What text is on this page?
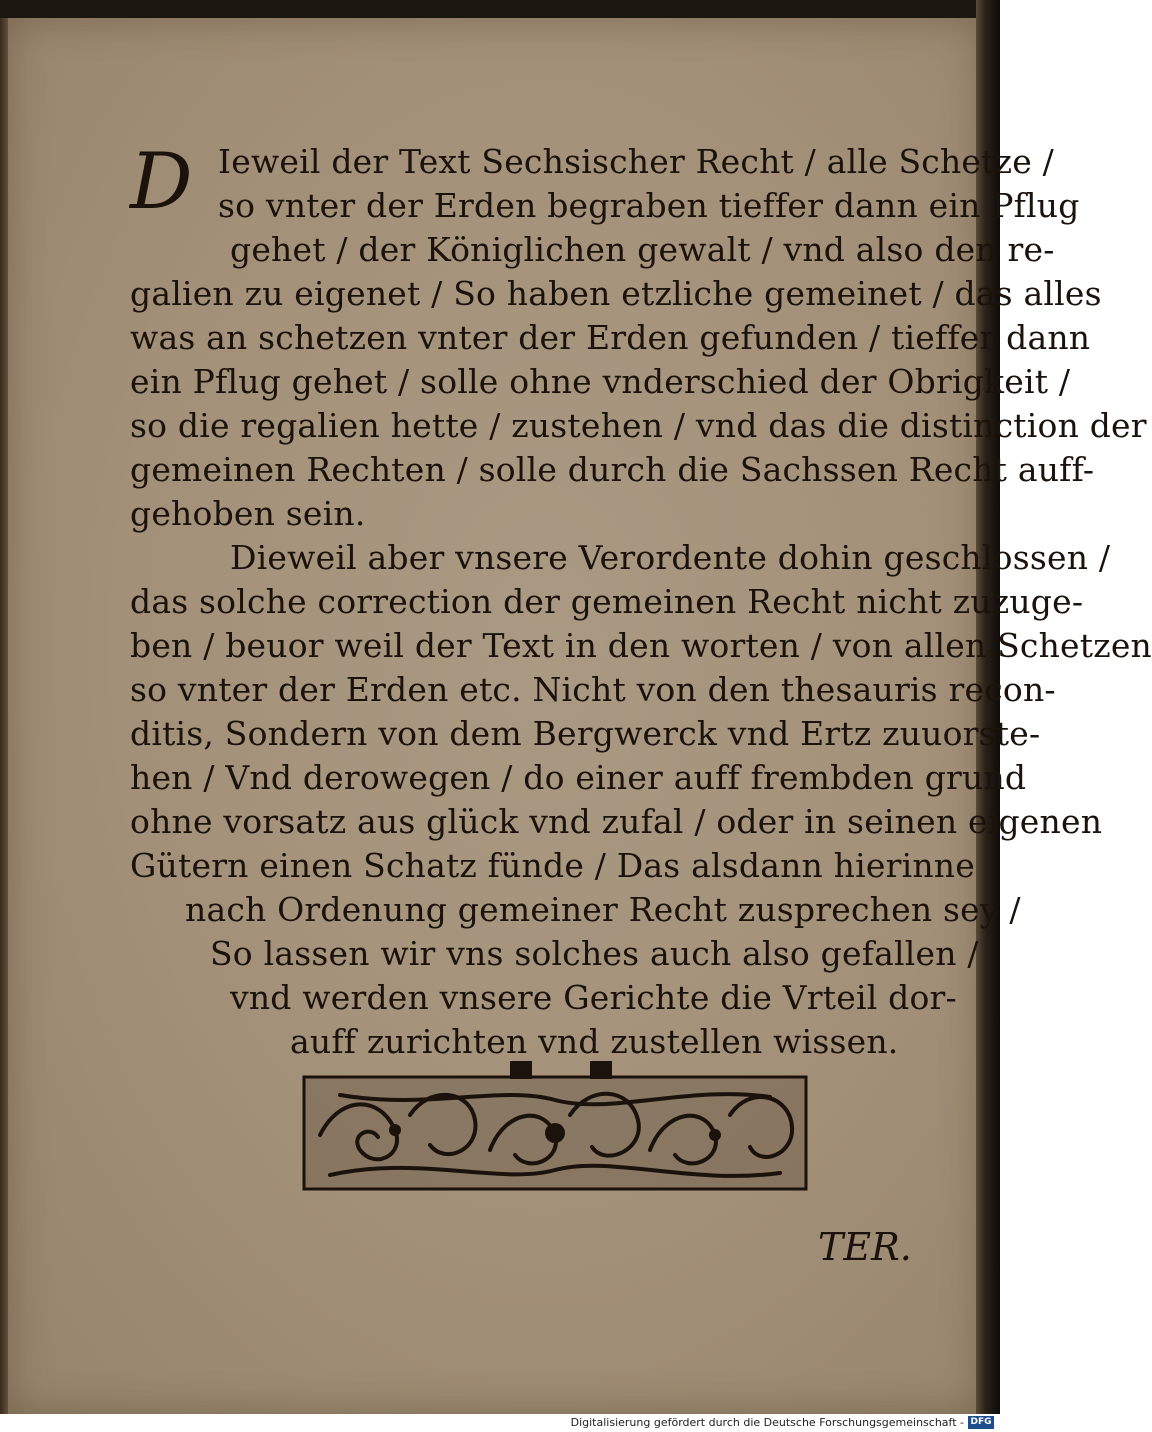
D Ieweil der Text Sechsischer Recht / alle Schetze /
so vnter der Erden begraben tieffer dann ein Pflug
gehet / der Königlichen gewalt / vnd also den re-
galien zu eigenet / So haben etzliche gemeinet / das alles
was an schetzen vnter der Erden gefunden / tieffer dann
ein Pflug gehet / solle ohne vnderschied der Obrigkeit /
so die regalien hette / zustehen / vnd das die distinction der
gemeinen Rechten / solle durch die Sachssen Recht auff-
gehoben sein.
Dieweil aber vnsere Verordente dohin geschlossen /
das solche correction der gemeinen Recht nicht zuzuge-
ben / beuor weil der Text in den worten / von allen Schetzen
so vnter der Erden etc. Nicht von den thesauris recon-
ditis, Sondern von dem Bergwerck vnd Ertz zuuorste-
hen / Vnd derowegen / do einer auff frembden grund
ohne vorsatz aus glück vnd zufal / oder in seinen eigenen
Gütern einen Schatz fünde / Das alsdann hierinne
nach Ordenung gemeiner Recht zusprechen sey /
So lassen wir vns solches auch also gefallen /
vnd werden vnsere Gerichte die Vrteil dor-
auff zurichten vnd zustellen wissen.
TER.
Digitalisierung gefördert durch die Deutsche Forschungsgemeinschaft - DFG
